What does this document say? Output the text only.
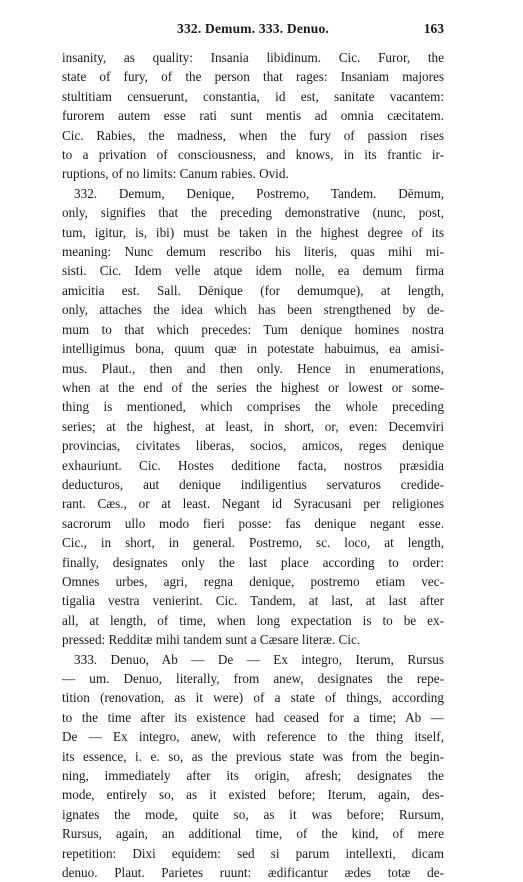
332. Demum. 333. Denuo.	163
insanity, as quality: Insania libidinum. Cic. Furor, the
state of fury, of the person that rages: Insaniam majores
stultitiam censuerunt, constantia, id est, sanitate vacantem:
furorem autem esse rati sunt mentis ad omnia cæcitatem.
Cic. Rabies, the madness, when the fury of passion rises
to a privation of consciousness, and knows, in its frantic ir-
ruptions, of no limits: Canum rabies. Ovid.
332. Demum, Denique, Postremo, Tandem. Dēmum,
only, signifies that the preceding demonstrative (nunc, post,
tum, igitur, is, ibi) must be taken in the highest degree of its
meaning: Nunc demum rescribo his literis, quas mihi mi-
sisti. Cic. Idem velle atque idem nolle, ea demum firma
amicitia est. Sall. Dēnique (for demumque), at length,
only, attaches the idea which has been strengthened by de-
mum to that which precedes: Tum denique homines nostra
intelligimus bona, quum quæ in potestate habuimus, ea amisi-
mus. Plaut., then and then only. Hence in enumerations,
when at the end of the series the highest or lowest or some-
thing is mentioned, which comprises the whole preceding
series; at the highest, at least, in short, or, even: Decemviri
provincias, civitates liberas, socios, amicos, reges denique
exhauriunt. Cic. Hostes deditione facta, nostros præsidia
deducturos, aut denique indiligentius servaturos credide-
rant. Cæs., or at least. Negant id Syracusani per religiones
sacrorum ullo modo fieri posse: fas denique negant esse.
Cic., in short, in general. Postremo, sc. loco, at length,
finally, designates only the last place according to order:
Omnes urbes, agri, regna denique, postremo etiam vec-
tigalia vestra venierint. Cic. Tandem, at last, at last after
all, at length, of time, when long expectation is to be ex-
pressed: Redditæ mihi tandem sunt a Cæsare literæ. Cic.
333. Denuo, Ab — De — Ex integro, Iterum, Rursus
— um. Denuo, literally, from anew, designates the repe-
tition (renovation, as it were) of a state of things, according
to the time after its existence had ceased for a time; Ab —
De — Ex integro, anew, with reference to the thing itself,
its essence, i. e. so, as the previous state was from the begin-
ning, immediately after its origin, afresh; designates the
mode, entirely so, as it existed before; Iterum, again, des-
ignates the mode, quite so, as it was before; Rursum,
Rursus, again, an additional time, of the kind, of mere
repetition: Dixi equidem: sed si parum intellexti, dicam
denuo. Plaut. Parietes ruunt: ædificantur ædes totæ de-
